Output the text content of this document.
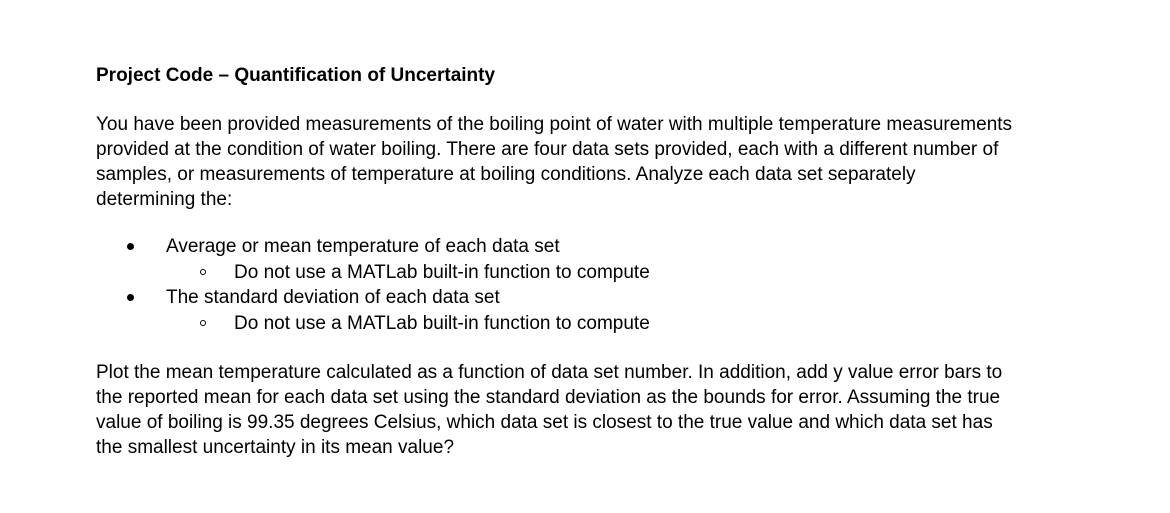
Project Code – Quantification of Uncertainty

You have been provided measurements of the boiling point of water with multiple temperature measurements
provided at the condition of water boiling. There are four data sets provided, each with a different number of
samples, or measurements of temperature at boiling conditions. Analyze each data set separately
determining the:

Average or mean temperature of each data set
Do not use a MATLab built-in function to compute
The standard deviation of each data set
Do not use a MATLab built-in function to compute

Plot the mean temperature calculated as a function of data set number. In addition, add y value error bars to
the reported mean for each data set using the standard deviation as the bounds for error. Assuming the true
value of boiling is 99.35 degrees Celsius, which data set is closest to the true value and which data set has
the smallest uncertainty in its mean value?
